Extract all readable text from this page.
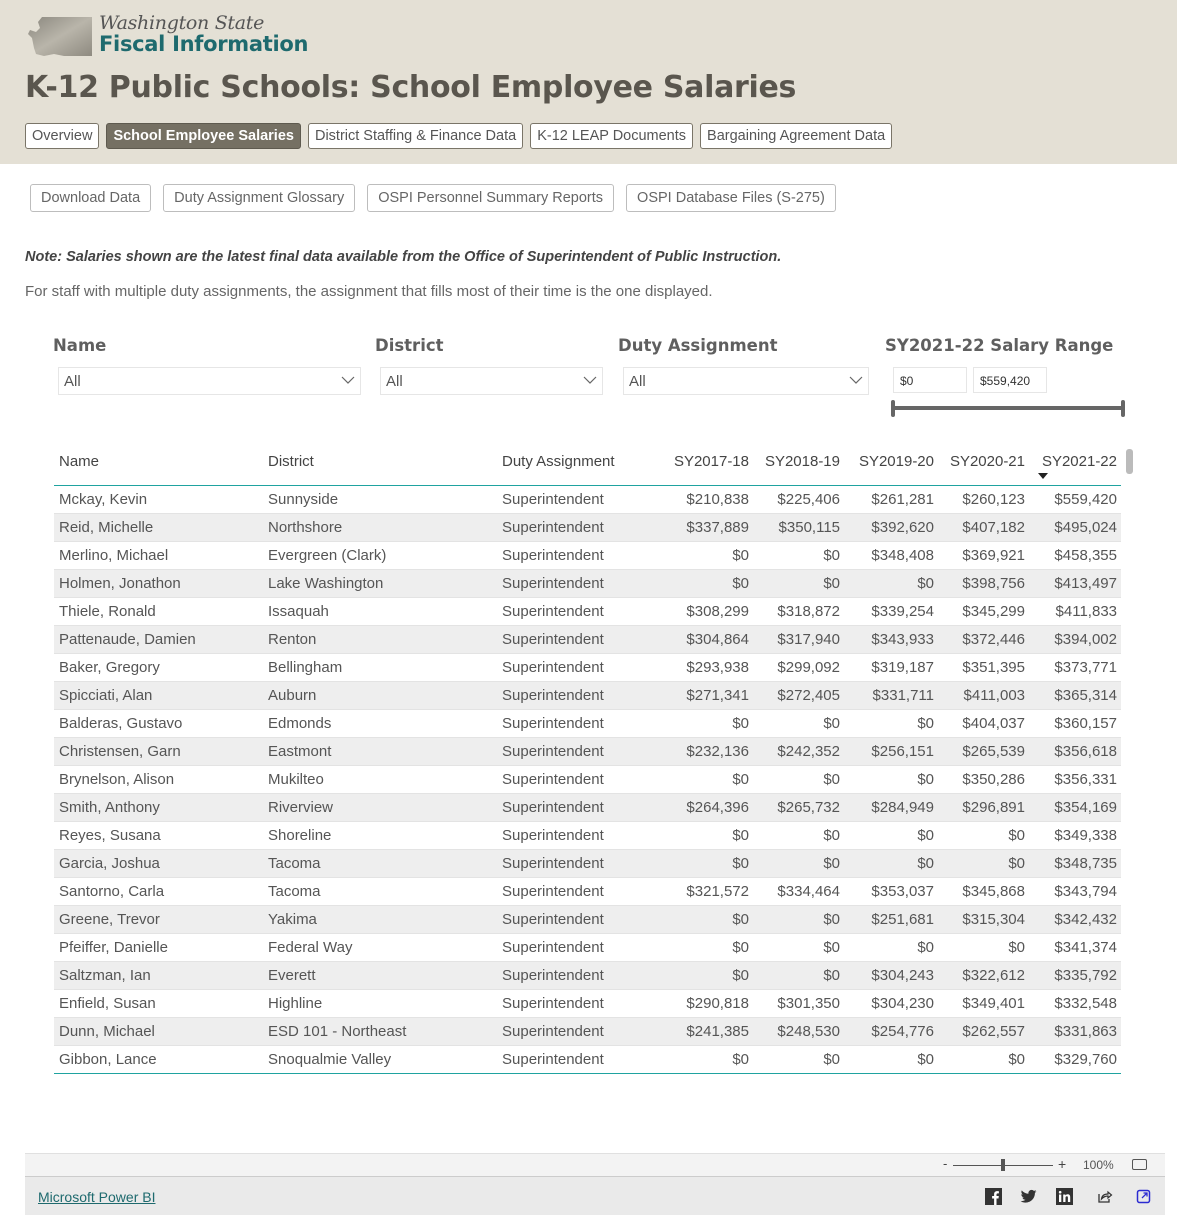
Washington State
Fiscal Information
K-12 Public Schools: School Employee Salaries
Overview	School Employee Salaries	District Staffing & Finance Data	K-12 LEAP Documents	Bargaining Agreement Data
Download Data	Duty Assignment Glossary	OSPI Personnel Summary Reports	OSPI Database Files (S-275)
Note: Salaries shown are the latest final data available from the Office of Superintendent of Public Instruction.
For staff with multiple duty assignments, the assignment that fills most of their time is the one displayed.
Name
All
District
All
Duty Assignment
All
SY2021-22 Salary Range
$0	$559,420
Name	District	Duty Assignment	SY2017-18 SY2018-19 SY2019-20 SY2020-21 SY2021-22
Mckay, Kevin	Sunnyside	Superintendent	$210,838 $225,406 $261,281 $260,123 $559,420
Reid, Michelle	Northshore	Superintendent	$337,889 $350,115 $392,620 $407,182 $495,024
Merlino, Michael	Evergreen (Clark)	Superintendent	$0	$0 $348,408 $369,921 $458,355
Holmen, Jonathon	Lake Washington	Superintendent	$0	$0	$0 $398,756 $413,497
Thiele, Ronald	Issaquah	Superintendent	$308,299 $318,872 $339,254 $345,299 $411,833
Pattenaude, Damien	Renton	Superintendent	$304,864 $317,940 $343,933 $372,446 $394,002
Baker, Gregory	Bellingham	Superintendent	$293,938 $299,092 $319,187 $351,395 $373,771
Spicciati, Alan	Auburn	Superintendent	$271,341 $272,405 $331,711 $411,003 $365,314
Balderas, Gustavo	Edmonds	Superintendent	$0	$0	$0 $404,037 $360,157
Christensen, Garn	Eastmont	Superintendent	$232,136 $242,352 $256,151 $265,539 $356,618
Brynelson, Alison	Mukilteo	Superintendent	$0	$0	$0 $350,286 $356,331
Smith, Anthony	Riverview	Superintendent	$264,396 $265,732 $284,949 $296,891 $354,169
Reyes, Susana	Shoreline	Superintendent	$0	$0	$0	$0 $349,338
Garcia, Joshua	Tacoma	Superintendent	$0	$0	$0	$0 $348,735
Santorno, Carla	Tacoma	Superintendent	$321,572 $334,464 $353,037 $345,868 $343,794
Greene, Trevor	Yakima	Superintendent	$0	$0 $251,681 $315,304 $342,432
Pfeiffer, Danielle	Federal Way	Superintendent	$0	$0	$0	$0 $341,374
Saltzman, Ian	Everett	Superintendent	$0	$0 $304,243 $322,612 $335,792
Enfield, Susan	Highline	Superintendent	$290,818 $301,350 $304,230 $349,401 $332,548
Dunn, Michael	ESD 101 - Northeast	Superintendent	$241,385 $248,530 $254,776 $262,557 $331,863
Gibbon, Lance	Snoqualmie Valley	Superintendent	$0	$0	$0	$0 $329,760
-	+ 100%
Microsoft Power BI
